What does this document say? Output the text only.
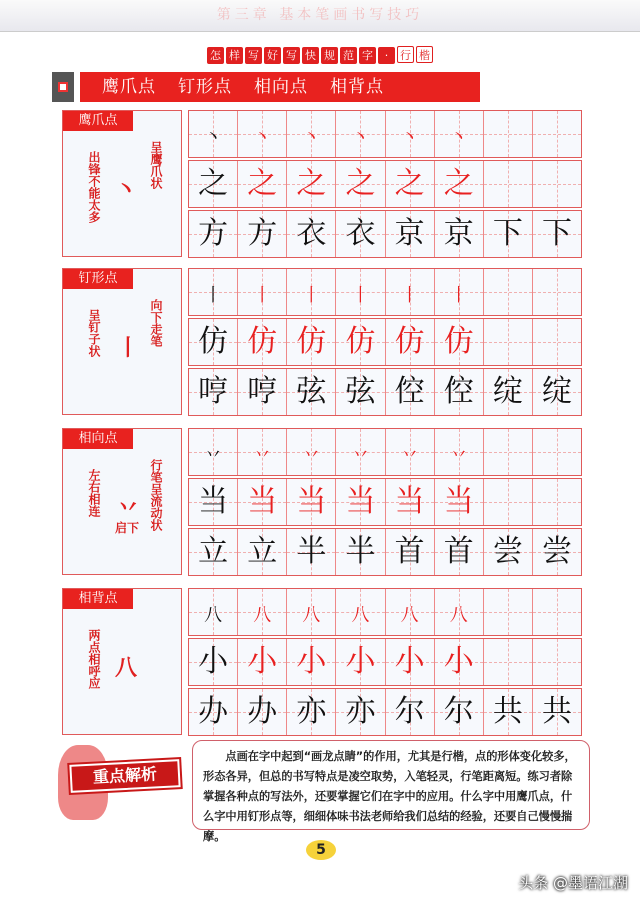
第三章 基本笔画书写技巧
怎 样 写 好 写 快 规 范 字 · 行 楷
鹰爪点 钉形点 相向点 相背点
鹰爪点
出锋不能太多	呈鹰爪状
丶
丶	丶	丶	丶	丶	丶
之 之 之 之 之 之
方 方 衣 衣 京 京 下 下
钉形点
呈钉子状	向下走笔
丨
丨	丨	丨	丨	丨	丨
仿 仿 仿 仿 仿 仿
哼 哼 弦 弦 倥 倥 绽 绽
相向点
左右相连	行笔呈流动状
启下
丷
丷	丷	丷	丷	丷	丷
当 当 当 当 当 当
立 立 半 半 首 首 尝 尝
相背点
两点相呼应 八
八	八	八	八	八	八
小 小 小 小 小 小
办 办 亦 亦 尔 尔 共 共
重点解析
点画在字中起到“画龙点睛”的作用，尤其是行楷，点的形体变化较多，形态各异，但总的书写特点是凌空取势，入笔轻灵，行笔距离短。练习者除掌握各种点的写法外，还要掌握它们在字中的应用。什么字中用鹰爪点，什么字中用钉形点等，细细体味书法老师给我们总结的经验，还要自己慢慢揣摩。
5
头条 @墨语江湖
